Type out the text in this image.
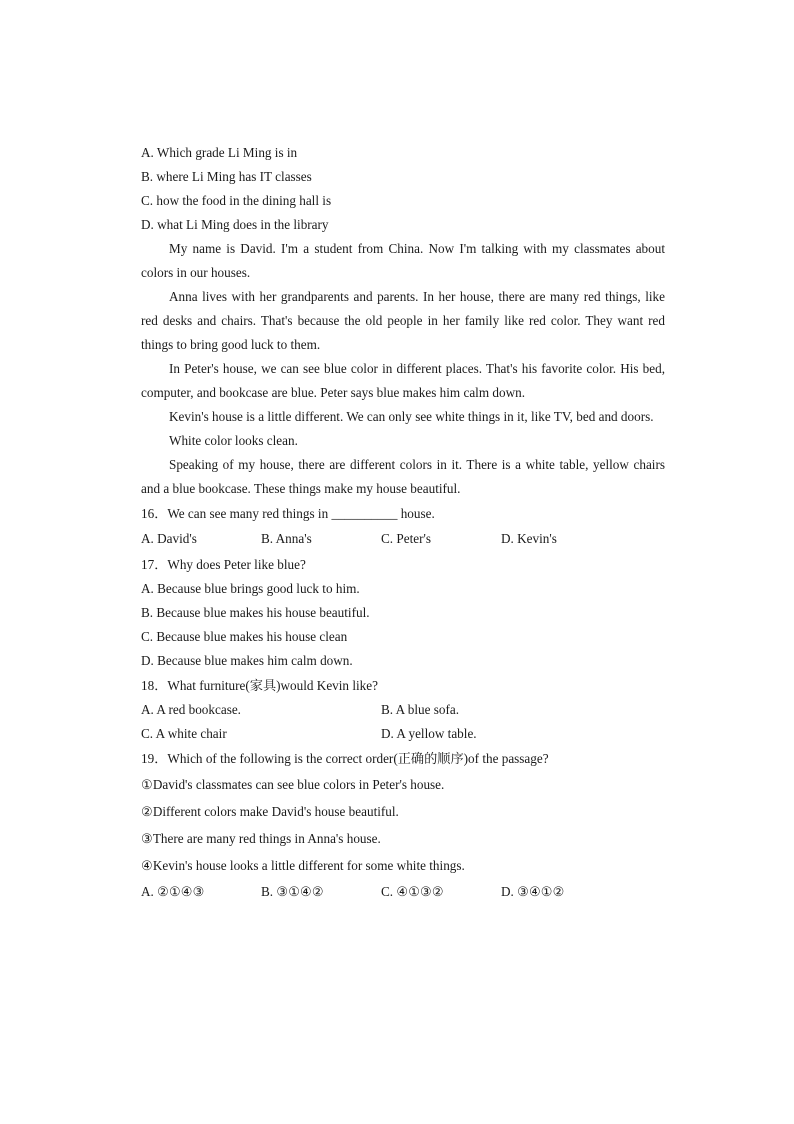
A. Which grade Li Ming is in
B. where Li Ming has IT classes
C. how the food in the dining hall is
D. what Li Ming does in the library

My name is David. I'm a student from China. Now I'm talking with my classmates about colors in our houses.

Anna lives with her grandparents and parents. In her house, there are many red things, like red desks and chairs. That's because the old people in her family like red color. They want red things to bring good luck to them.

In Peter's house, we can see blue color in different places. That's his favorite color. His bed, computer, and bookcase are blue. Peter says blue makes him calm down.

Kevin's house is a little different. We can only see white things in it, like TV, bed and doors.

White color looks clean.

Speaking of my house, there are different colors in it. There is a white table, yellow chairs and a blue bookcase. These things make my house beautiful.

16．We can see many red things in __________ house.
A. David's	B. Anna's	C. Peter's	D. Kevin's
17．Why does Peter like blue?
A. Because blue brings good luck to him.
B. Because blue makes his house beautiful.
C. Because blue makes his house clean
D. Because blue makes him calm down.
18．What furniture(家具)would Kevin like?
A. A red bookcase.	B. A blue sofa.
C. A white chair	D. A yellow table.
19．Which of the following is the correct order(正确的顺序)of the passage?
①David's classmates can see blue colors in Peter's house.
②Different colors make David's house beautiful.
③There are many red things in Anna's house.
④Kevin's house looks a little different for some white things.
A. ②①④③	B. ③①④②	C. ④①③②	D. ③④①②
